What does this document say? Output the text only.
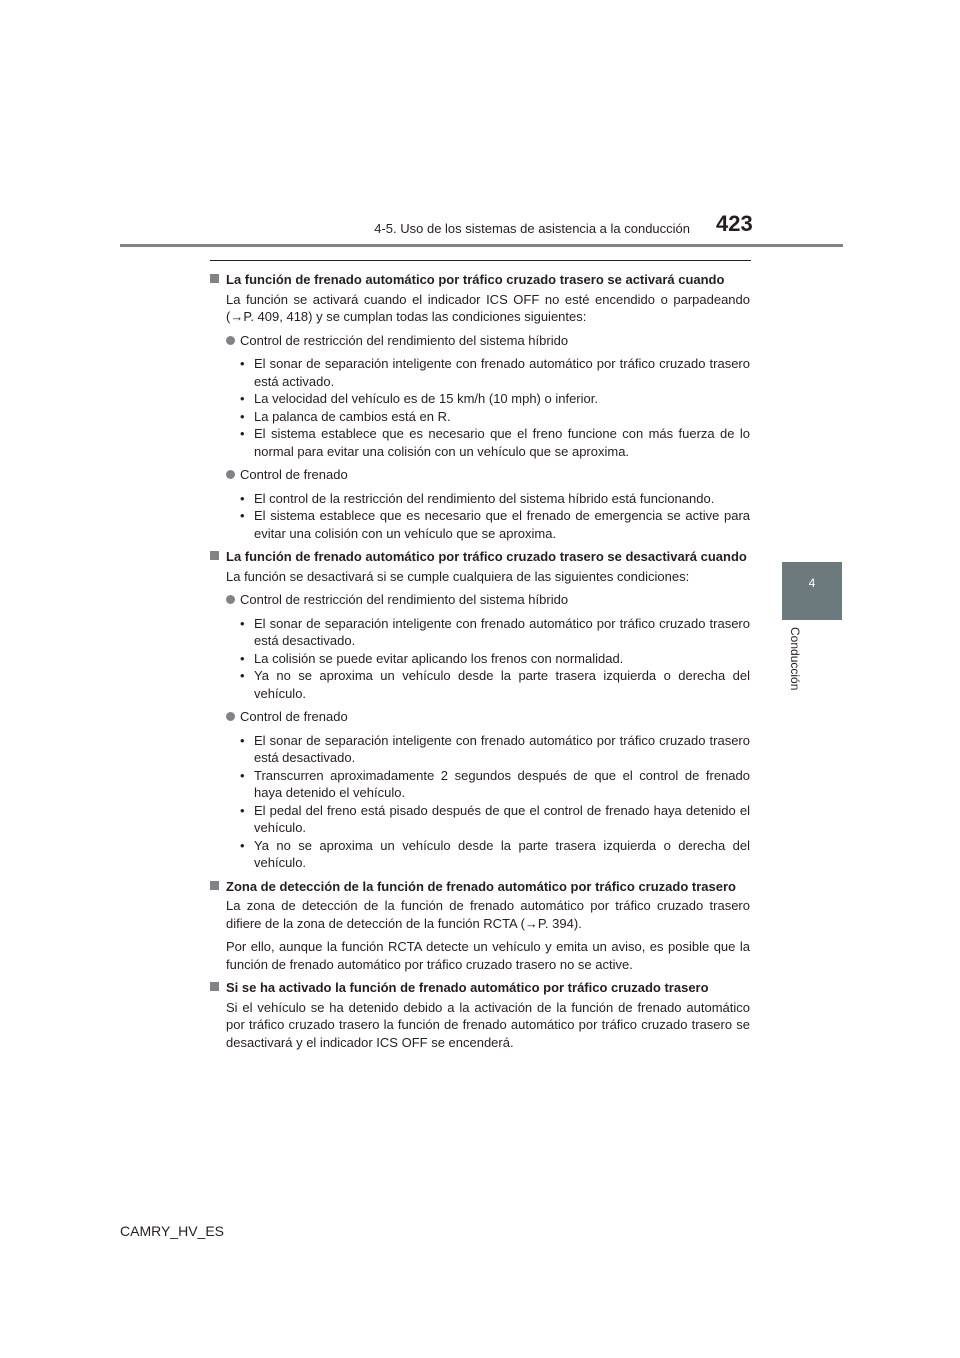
4-5. Uso de los sistemas de asistencia a la conducción 423
4
Conducción
La función de frenado automático por tráfico cruzado trasero se activará cuando
La función se activará cuando el indicador ICS OFF no esté encendido o parpadeando (→P. 409, 418) y se cumplan todas las condiciones siguientes:
Control de restricción del rendimiento del sistema híbrido
• El sonar de separación inteligente con frenado automático por tráfico cruzado trasero está activado.
• La velocidad del vehículo es de 15 km/h (10 mph) o inferior.
• La palanca de cambios está en R.
• El sistema establece que es necesario que el freno funcione con más fuerza de lo normal para evitar una colisión con un vehículo que se aproxima.
Control de frenado
• El control de la restricción del rendimiento del sistema híbrido está funcionando.
• El sistema establece que es necesario que el frenado de emergencia se active para evitar una colisión con un vehículo que se aproxima.
La función de frenado automático por tráfico cruzado trasero se desactivará cuando
La función se desactivará si se cumple cualquiera de las siguientes condiciones:
Control de restricción del rendimiento del sistema híbrido
• El sonar de separación inteligente con frenado automático por tráfico cruzado trasero está desactivado.
• La colisión se puede evitar aplicando los frenos con normalidad.
• Ya no se aproxima un vehículo desde la parte trasera izquierda o derecha del vehículo.
Control de frenado
• El sonar de separación inteligente con frenado automático por tráfico cruzado trasero está desactivado.
• Transcurren aproximadamente 2 segundos después de que el control de frenado haya detenido el vehículo.
• El pedal del freno está pisado después de que el control de frenado haya detenido el vehículo.
• Ya no se aproxima un vehículo desde la parte trasera izquierda o derecha del vehículo.
Zona de detección de la función de frenado automático por tráfico cruzado trasero
La zona de detección de la función de frenado automático por tráfico cruzado trasero difiere de la zona de detección de la función RCTA (→P. 394).
Por ello, aunque la función RCTA detecte un vehículo y emita un aviso, es posible que la función de frenado automático por tráfico cruzado trasero no se active.
Si se ha activado la función de frenado automático por tráfico cruzado trasero
Si el vehículo se ha detenido debido a la activación de la función de frenado automático por tráfico cruzado trasero la función de frenado automático por tráfico cruzado trasero se desactivará y el indicador ICS OFF se encenderá.
CAMRY_HV_ES
